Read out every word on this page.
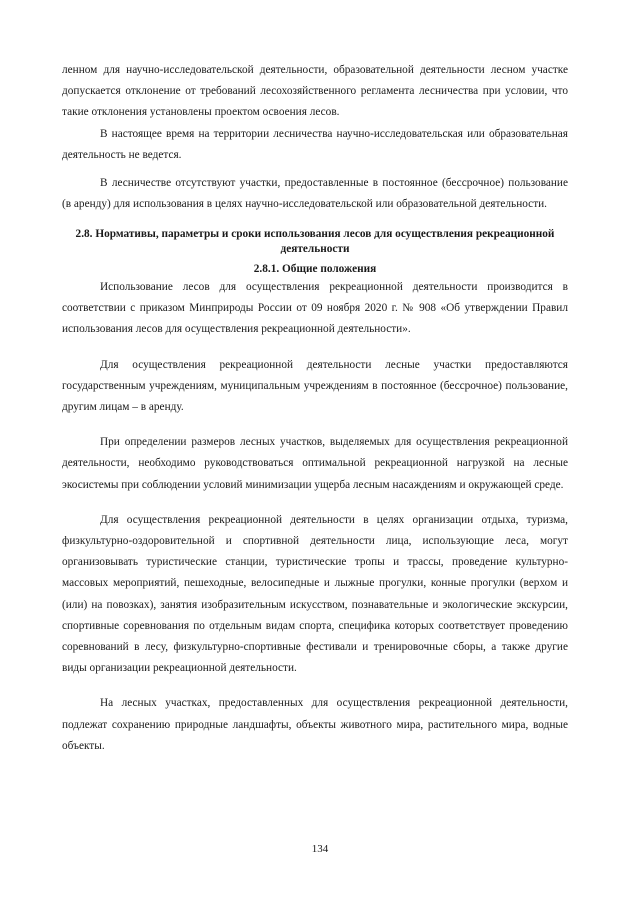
ленном для научно-исследовательской деятельности, образовательной деятельности лесном участке допускается отклонение от требований лесохозяйственного регламента лесничества при условии, что такие отклонения установлены проектом освоения лесов.

В настоящее время на территории лесничества научно-исследовательская или образовательная деятельность не ведется.

В лесничестве отсутствуют участки, предоставленные в постоянное (бессрочное) пользование (в аренду) для использования в целях научно-исследовательской или образовательной деятельности.

2.8. Нормативы, параметры и сроки использования лесов для осуществления рекреационной деятельности
2.8.1. Общие положения

Использование лесов для осуществления рекреационной деятельности производится в соответствии с приказом Минприроды России от 09 ноября 2020 г. № 908 «Об утверждении Правил использования лесов для осуществления рекреационной деятельности».

Для осуществления рекреационной деятельности лесные участки предоставляются государственным учреждениям, муниципальным учреждениям в постоянное (бессрочное) пользование, другим лицам – в аренду.

При определении размеров лесных участков, выделяемых для осуществления рекреационной деятельности, необходимо руководствоваться оптимальной рекреационной нагрузкой на лесные экосистемы при соблюдении условий минимизации ущерба лесным насаждениям и окружающей среде.

Для осуществления рекреационной деятельности в целях организации отдыха, туризма, физкультурно-оздоровительной и спортивной деятельности лица, использующие леса, могут организовывать туристические станции, туристические тропы и трассы, проведение культурно-массовых мероприятий, пешеходные, велосипедные и лыжные прогулки, конные прогулки (верхом и (или) на повозках), занятия изобразительным искусством, познавательные и экологические экскурсии, спортивные соревнования по отдельным видам спорта, специфика которых соответствует проведению соревнований в лесу, физкультурно-спортивные фестивали и тренировочные сборы, а также другие виды организации рекреационной деятельности.

На лесных участках, предоставленных для осуществления рекреационной деятельности, подлежат сохранению природные ландшафты, объекты животного мира, растительного мира, водные объекты.

134
